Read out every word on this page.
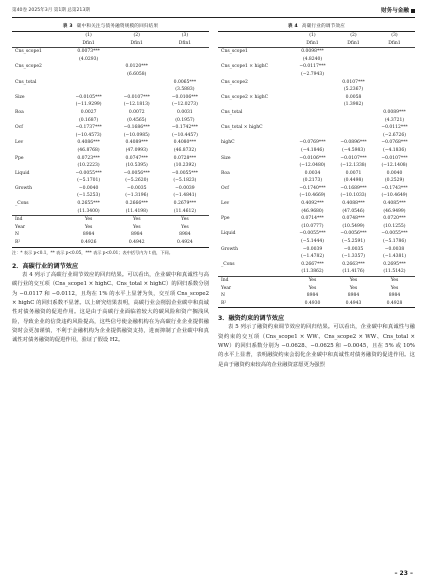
第40卷 2025年3月 第1期 总第213期	财务与金融
表 3 碳中和关注与债务融资规模的回归结果
	(1)	(2)	(3)
	Dfin1	Dfin1	Dfin1
Cns_scope1	0.0073***		
	(4.0293)		
Cns_scope2		0.0120***	
		(6.6058)	
Cns_total			0.0065***
			(3.5883)
Size	−0.0105***	−0.0107***	−0.0106***
	(−11.9299)	(−12.1813)	(−12.0273)
Roa	0.0027	0.0072	0.0031
	(0.1687)	(0.4565)	(0.1957)
Ocf	−0.1737***	−0.1686***	−0.1742***
	(−10.4573)	(−10.0985)	(−10.4457)
Lev	0.4086***	0.4089***	0.4080***
	(46.8768)	(47.0993)	(46.8732)
Ppe	0.0723***	0.0747***	0.0728***
	(10.2223)	(10.5395)	(10.2392)
Liquid	−0.0055***	−0.0056***	−0.0055***
	(−5.1701)	(−5.2620)	(−5.1823)
Growth	−0.0040	−0.0035	−0.0039
	(−1.5253)	(−1.3196)	(−1.4841)
_Cons	0.2655***	0.2666***	0.2679***
	(11.3400)	(11.4198)	(11.4612)
Ind	Yes	Yes	Yes
Year	Yes	Yes	Yes
N	8984	8984	8984
R²	0.4926	0.4942	0.4924
注：* 表示 p<0.1，** 表示 p<0.05，*** 表示 p<0.01；表中括号内为 t 值，下同。
2．高碳行业的调节效应

表 4 列示了高碳行业调节效应的回归结果。可以看出，企业碳中和真诚性与高碳行业的交互项（Cns_scope1 × highC、Cns_total × highC）的回归系数分别为 −0.0117 和 −0.0112，且均在 1% 的水平上显著为负，交互项 Cns_scope2 × highC 的回归系数不显著。以上研究结果表明，高碳行业会削弱企业碳中和真诚性对债务融资的促进作用。这是由于高碳行业面临着较大的碳风险和资产搁浅风险，导致企业的信贷违约风险提高，这些信号使金融机构在为高碳行业企业提供融资时会更加谨慎，不利于金融机构为企业提供融资支持，进而抑制了企业碳中和真诚性对债务融资的促进作用，验证了假设 H2。

表 4 高碳行业的调节效应
	(1)	(2)	(3)
	Dfin1	Dfin1	Dfin1
Cns_scope1	0.0098***		
	(4.8240)		
Cns_scope1 × highC	−0.0117***		
	(−2.7943)		
Cns_scope2		0.0107***	
		(5.2367)	
Cns_scope2 × highC		0.0058	
		(1.3982)	
Cns_total			0.0089***
			(4.3721)
Cns_total × highC			−0.0112***
			(−2.6726)
highC	−0.0769***	−0.0896***	−0.0768***
	(−4.1846)	(−4.5983)	(−4.1836)
Size	−0.0106***	−0.0107***	−0.0107***
	(−12.0480)	(−12.1338)	(−12.1408)
Roa	0.0034	0.0071	0.0040
	(0.2173)	(0.4498)	(0.2529)
Ocf	−0.1740***	−0.1689***	−0.1743***
	(−10.4669)	(−10.1033)	(−10.4649)
Lev	0.4092***	0.4088***	0.4085***
	(46.9680)	(47.0546)	(46.9499)
Ppe	0.0714***	0.0748***	0.0720***
	(10.0777)	(10.5499)	(10.1255)
Liquid	−0.0055***	−0.0056***	−0.0055***
	(−5.1444)	(−5.2591)	(−5.1786)
Growth	−0.0039	−0.0035	−0.0038
	(−1.4782)	(−1.3357)	(−1.4381)
_Cons	0.2667***	0.2663***	0.2695***
	(11.3862)	(11.4176)	(11.5142)
Ind	Yes	Yes	Yes
Year	Yes	Yes	Yes
N	8984	8984	8984
R²	0.4930	0.4943	0.4928
3．融资约束的调节效应

表 5 列示了融资约束调节效应的回归结果。可以看出，企业碳中和真诚性与融资约束的交互项（Cns_scope1 × WW、Cns_scope2 × WW、Cns_total × WW）的回归系数分别为 −0.0628、−0.0625 和 −0.0045，且在 5% 或 10% 的水平上显著，表明融资约束会弱化企业碳中和真诚性对债务融资的促进作用。这是由于融资约束较高的企业融资意愿更为强烈

– 23 –
